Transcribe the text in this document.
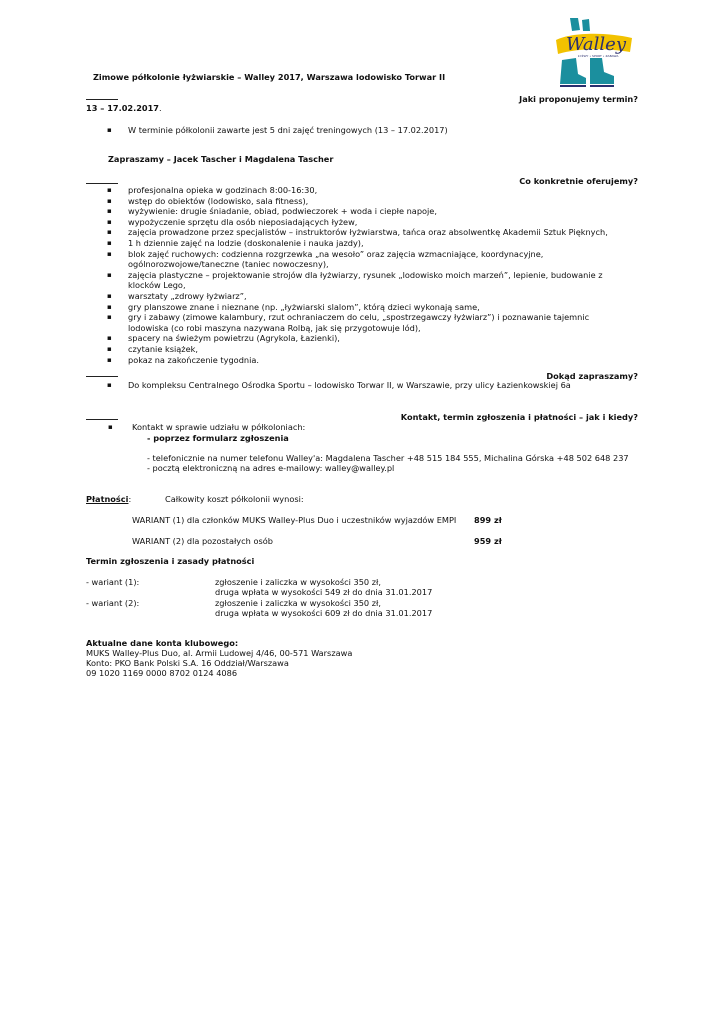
Walley
ŁYŻWY • SPORT • ZABAWA
Zimowe półkolonie łyżwiarskie – Walley 2017, Warszawa lodowisko Torwar II
Jaki proponujemy termin?
13 – 17.02.2017.
▪ W terminie półkolonii zawarte jest 5 dni zajęć treningowych (13 – 17.02.2017)
Zapraszamy – Jacek Tascher i Magdalena Tascher
Co konkretnie oferujemy?
▪ profesjonalna opieka w godzinach 8:00-16:30,
▪ wstęp do obiektów (lodowisko, sala fitness),
▪ wyżywienie: drugie śniadanie, obiad, podwieczorek + woda i ciepłe napoje,
▪ wypożyczenie sprzętu dla osób nieposiadających łyżew,
▪ zajęcia prowadzone przez specjalistów – instruktorów łyżwiarstwa, tańca oraz absolwentkę Akademii Sztuk Pięknych,
▪ 1 h dziennie zajęć na lodzie (doskonalenie i nauka jazdy),
▪ blok zajęć ruchowych: codzienna rozgrzewka „na wesoło” oraz zajęcia wzmacniające, koordynacyjne, ogólnorozwojowe/taneczne (taniec nowoczesny),
▪ zajęcia plastyczne – projektowanie strojów dla łyżwiarzy, rysunek „lodowisko moich marzeń”, lepienie, budowanie z klocków Lego,
▪ warsztaty „zdrowy łyżwiarz”,
▪ gry planszowe znane i nieznane (np. „łyżwiarski slalom”, którą dzieci wykonają same,
▪ gry i zabawy (zimowe kalambury, rzut ochraniaczem do celu, „spostrzegawczy łyżwiarz”) i poznawanie tajemnic lodowiska (co robi maszyna nazywana Rolbą, jak się przygotowuje lód),
▪ spacery na świeżym powietrzu (Agrykola, Łazienki),
▪ czytanie książek,
▪ pokaz na zakończenie tygodnia.
Dokąd zapraszamy?
▪ Do kompleksu Centralnego Ośrodka Sportu – lodowisko Torwar II, w Warszawie, przy ulicy Łazienkowskiej 6a
Kontakt, termin zgłoszenia i płatności – jak i kiedy?
▪ Kontakt w sprawie udziału w półkoloniach:
- poprzez formularz zgłoszenia
- telefonicznie na numer telefonu Walley'a: Magdalena Tascher +48 515 184 555, Michalina Górska +48 502 648 237
- pocztą elektroniczną na adres e-mailowy: walley@walley.pl
Płatności:	Całkowity koszt półkolonii wynosi:
WARIANT (1) dla członków MUKS Walley-Plus Duo i uczestników wyjazdów EMPI 899 zł
WARIANT (2) dla pozostałych osób	959 zł
Termin zgłoszenia i zasady płatności
- wariant (1):	zgłoszenie i zaliczka w wysokości 350 zł,
druga wpłata w wysokości 549 zł do dnia 31.01.2017
- wariant (2):	zgłoszenie i zaliczka w wysokości 350 zł,
druga wpłata w wysokości 609 zł do dnia 31.01.2017
Aktualne dane konta klubowego:
MUKS Walley-Plus Duo, al. Armii Ludowej 4/46, 00-571 Warszawa
Konto: PKO Bank Polski S.A. 16 Oddział/Warszawa
09 1020 1169 0000 8702 0124 4086
